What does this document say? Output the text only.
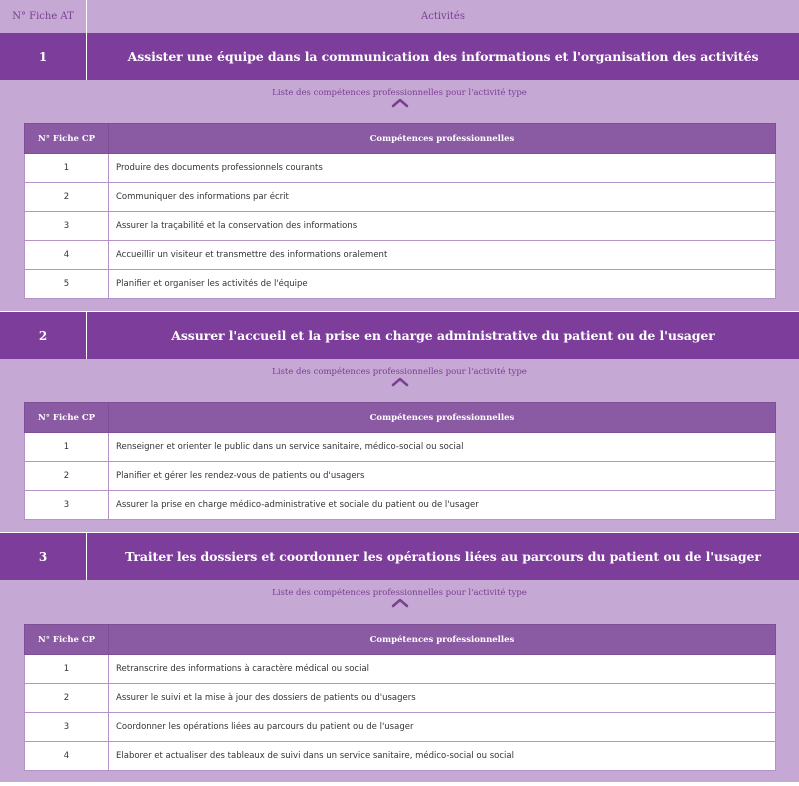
N° Fiche AT	Activités
1	Assister une équipe dans la communication des informations et l'organisation des activités
Liste des compétences professionnelles pour l'activité type
N° Fiche CP	Compétences professionnelles
1	Produire des documents professionnels courants
2	Communiquer des informations par écrit
3	Assurer la traçabilité et la conservation des informations
4	Accueillir un visiteur et transmettre des informations oralement
5	Planifier et organiser les activités de l'équipe
2	Assurer l'accueil et la prise en charge administrative du patient ou de l'usager
Liste des compétences professionnelles pour l'activité type
N° Fiche CP	Compétences professionnelles
1	Renseigner et orienter le public dans un service sanitaire, médico-social ou social
2	Planifier et gérer les rendez-vous de patients ou d'usagers
3	Assurer la prise en charge médico-administrative et sociale du patient ou de l'usager
3	Traiter les dossiers et coordonner les opérations liées au parcours du patient ou de l'usager
Liste des compétences professionnelles pour l'activité type
N° Fiche CP	Compétences professionnelles
1	Retranscrire des informations à caractère médical ou social
2	Assurer le suivi et la mise à jour des dossiers de patients ou d'usagers
3	Coordonner les opérations liées au parcours du patient ou de l'usager
4	Elaborer et actualiser des tableaux de suivi dans un service sanitaire, médico-social ou social
